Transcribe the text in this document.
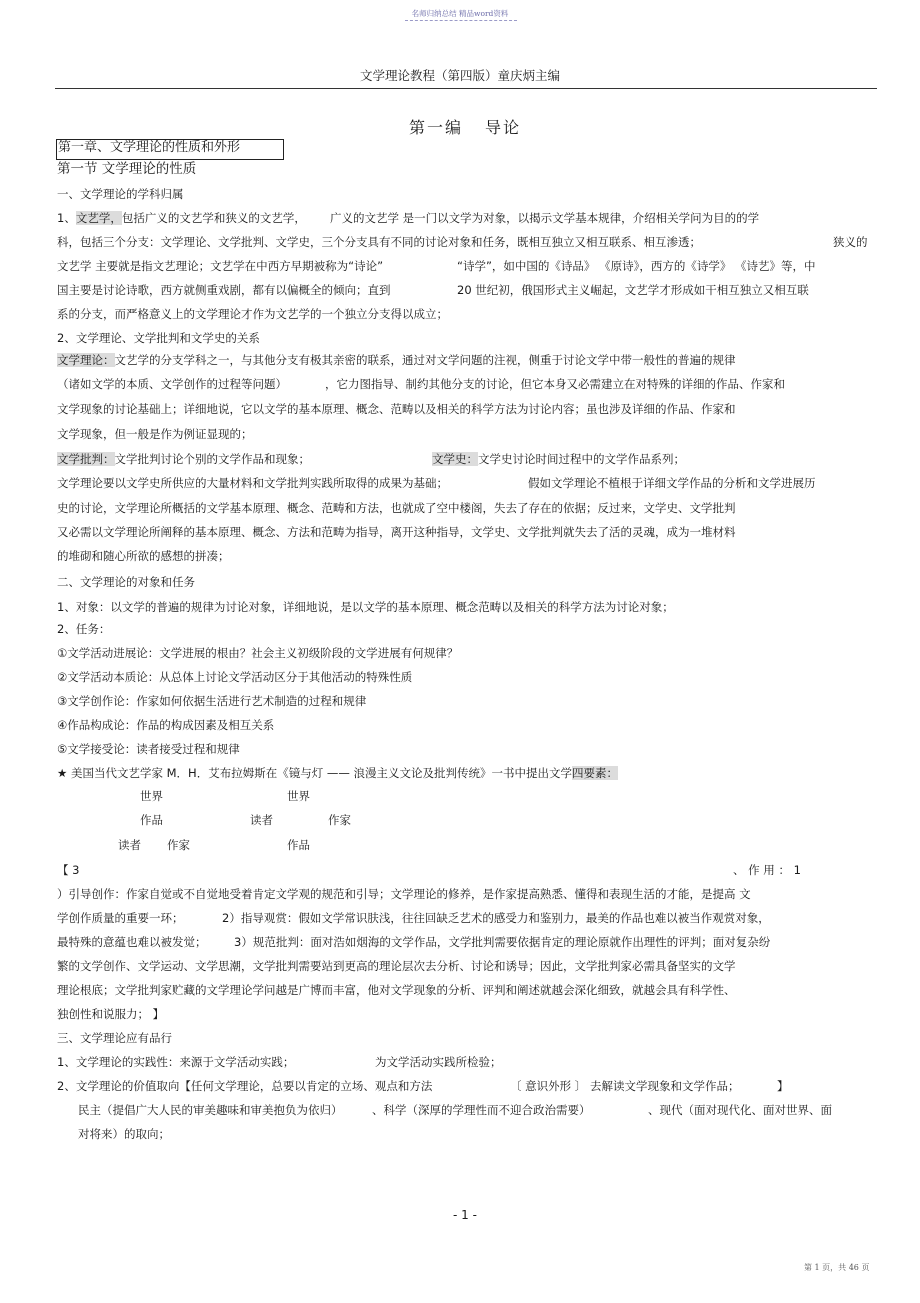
名师归纳总结 精品word资料
文学理论教程（第四版）童庆炳主编
第一编 导论
第一章、文学理论的性质和外形
第一节 文学理论的性质
一、文学理论的学科归属
1、文艺学，包括广义的文艺学和狭义的文艺学， 广义的文艺学 是一门以文学为对象，以揭示文学基本规律，介绍相关学问为目的的学
科，包括三个分支：文学理论、文学批判、文学史，三个分支具有不同的讨论对象和任务，既相互独立又相互联系、相互渗透；	狭义的
文艺学 主要就是指文艺理论；文艺学在中西方早期被称为“诗论”	“诗学”，如中国的《诗品》 《原诗》，西方的《诗学》 《诗艺》等，中
国主要是讨论诗歌，西方就侧重戏剧，都有以偏概全的倾向；直到	20 世纪初，俄国形式主义崛起，文艺学才形成如干相互独立又相互联
系的分支，而严格意义上的文学理论才作为文艺学的一个独立分支得以成立；
2、文学理论、文学批判和文学史的关系
文学理论：文艺学的分支学科之一，与其他分支有极其亲密的联系，通过对文学问题的注视，侧重于讨论文学中带一般性的普遍的规律
（诸如文学的本质、文学创作的过程等问题）	，它力图指导、制约其他分支的讨论，但它本身又必需建立在对特殊的详细的作品、作家和
文学现象的讨论基础上；详细地说，它以文学的基本原理、概念、范畴以及相关的科学方法为讨论内容；虽也涉及详细的作品、作家和
文学现象，但一般是作为例证显现的；
文学批判：文学批判讨论个别的文学作品和现象；	文学史：文学史讨论时间过程中的文学作品系列；
文学理论要以文学史所供应的大量材料和文学批判实践所取得的成果为基础；	假如文学理论不植根于详细文学作品的分析和文学进展历
史的讨论，文学理论所概括的文学基本原理、概念、范畴和方法，也就成了空中楼阁，失去了存在的依据；反过来，文学史、文学批判
又必需以文学理论所阐释的基本原理、概念、方法和范畴为指导，离开这种指导，文学史、文学批判就失去了活的灵魂，成为一堆材料
的堆砌和随心所欲的感想的拼凑；
二、文学理论的对象和任务
1、对象：以文学的普遍的规律为讨论对象，详细地说，是以文学的基本原理、概念范畴以及相关的科学方法为讨论对象；
2、任务：
①文学活动进展论：文学进展的根由？社会主义初级阶段的文学进展有何规律？
②文学活动本质论：从总体上讨论文学活动区分于其他活动的特殊性质
③文学创作论：作家如何依据生活进行艺术制造的过程和规律
④作品构成论：作品的构成因素及相互关系
⑤文学接受论：读者接受过程和规律
★ 美国当代文艺学家 M．H．艾布拉姆斯在《镜与灯 —— 浪漫主义文论及批判传统》一书中提出文学四要素：
世界	世界
作品	读者	作家
读者 作家	作品
【 3	、 作 用 ： 1
）引导创作：作家自觉或不自觉地受着肯定文学观的规范和引导；文学理论的修养，是作家提高熟悉、懂得和表现生活的才能，是提高 文
学创作质量的重要一环；	2）指导观赏：假如文学常识肤浅，往往回缺乏艺术的感受力和鉴别力，最美的作品也难以被当作观赏对象，
最特殊的意蕴也难以被发觉； 3）规范批判：面对浩如烟海的文学作品，文学批判需要依据肯定的理论原就作出理性的评判；面对复杂纷
繁的文学创作、文学运动、文学思潮，文学批判需要站到更高的理论层次去分析、讨论和诱导；因此，文学批判家必需具备坚实的文学
理论根底；文学批判家贮藏的文学理论学问越是广博而丰富，他对文学现象的分析、评判和阐述就越会深化细致，就越会具有科学性、
独创性和说服力； 】
三、文学理论应有品行
1、文学理论的实践性：来源于文学活动实践；	为文学活动实践所检验；
2、文学理论的价值取向【任何文学理论，总要以肯定的立场、观点和方法	〔 意识外形 〕 去解读文学现象和文学作品；	】
民主（提倡广大人民的审美趣味和审美抱负为依归）	、科学（深厚的学理性而不迎合政治需要）	、现代（面对现代化、面对世界、面
对将来）的取向；
- 1 -
第 1 页，共 46 页
